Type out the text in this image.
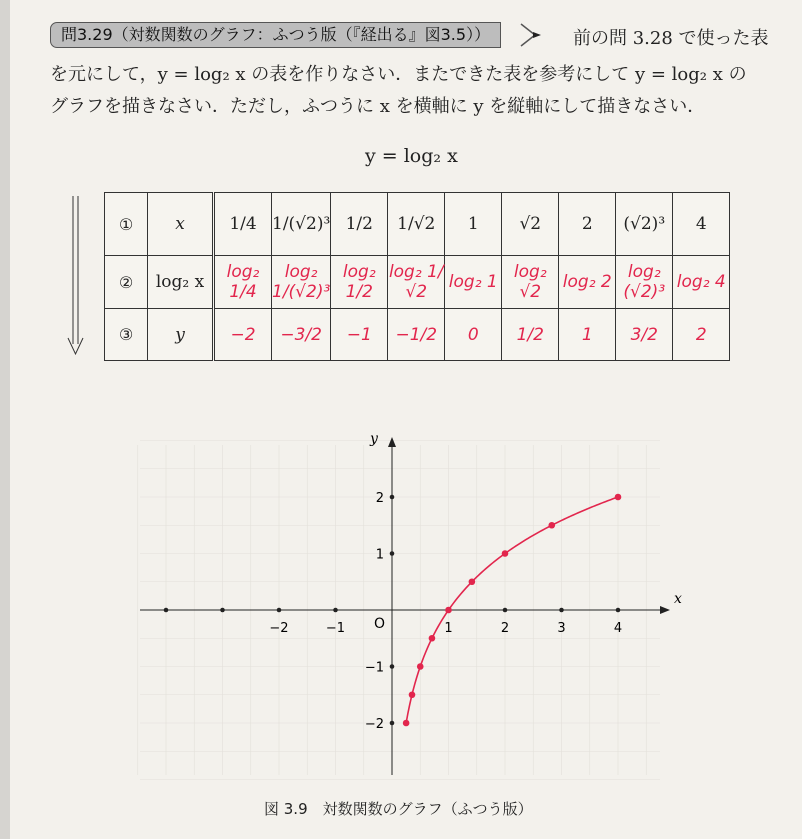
問3.29（対数関数のグラフ：ふつう版（『経出る』図3.5））	前の問 3.28 で使った表
を元にして，y = log₂ x の表を作りなさい．またできた表を参考にして y = log₂ x の
グラフを描きなさい．ただし，ふつうに x を横軸に y を縦軸にして描きなさい．
y = log₂ x
①	x	1/4	1/(√2)³	1/2	1/√2	1	√2	2	(√2)³	4
②	log₂ x	log₂ 1/4	log₂ 1/(√2)³	log₂ 1/2	log₂ 1/√2	log₂ 1	log₂ √2	log₂ 2	log₂ (√2)³	log₂ 4
③	y	−2	−3/2	−1	−1/2	0	1/2	1	3/2	2
x
y
O
−2	−1	1	2	3	4
2
1
−1
−2
図 3.9　対数関数のグラフ（ふつう版）
